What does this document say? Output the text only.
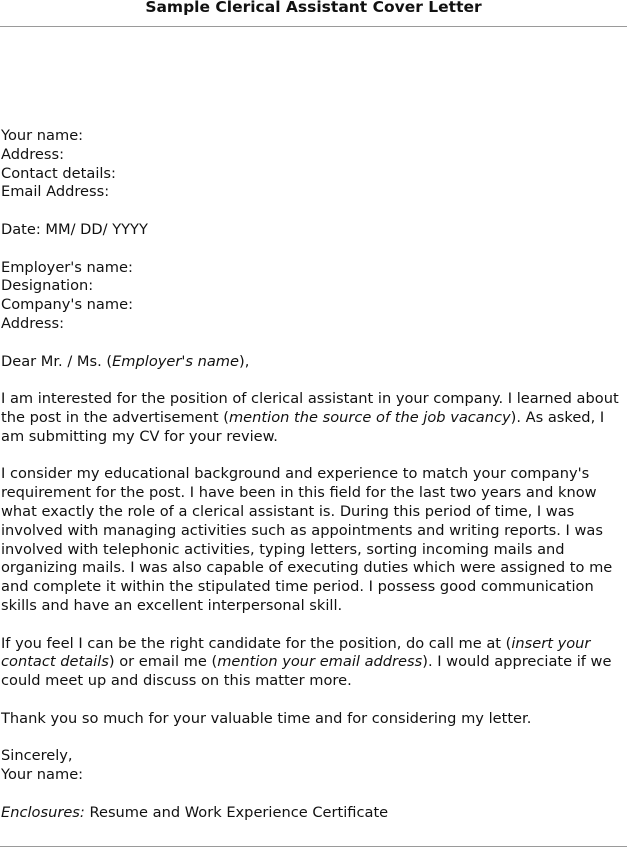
Sample Clerical Assistant Cover Letter

Your name:
Address:
Contact details:
Email Address:

Date: MM/ DD/ YYYY

Employer's name:
Designation:
Company's name:
Address:

Dear Mr. / Ms. (Employer's name),

I am interested for the position of clerical assistant in your company. I learned about the post in the advertisement (mention the source of the job vacancy). As asked, I am submitting my CV for your review.

I consider my educational background and experience to match your company's requirement for the post. I have been in this field for the last two years and know what exactly the role of a clerical assistant is. During this period of time, I was involved with managing activities such as appointments and writing reports. I was involved with telephonic activities, typing letters, sorting incoming mails and organizing mails. I was also capable of executing duties which were assigned to me and complete it within the stipulated time period. I possess good communication skills and have an excellent interpersonal skill.

If you feel I can be the right candidate for the position, do call me at (insert your contact details) or email me (mention your email address). I would appreciate if we could meet up and discuss on this matter more.

Thank you so much for your valuable time and for considering my letter.

Sincerely,
Your name:

Enclosures: Resume and Work Experience Certificate
